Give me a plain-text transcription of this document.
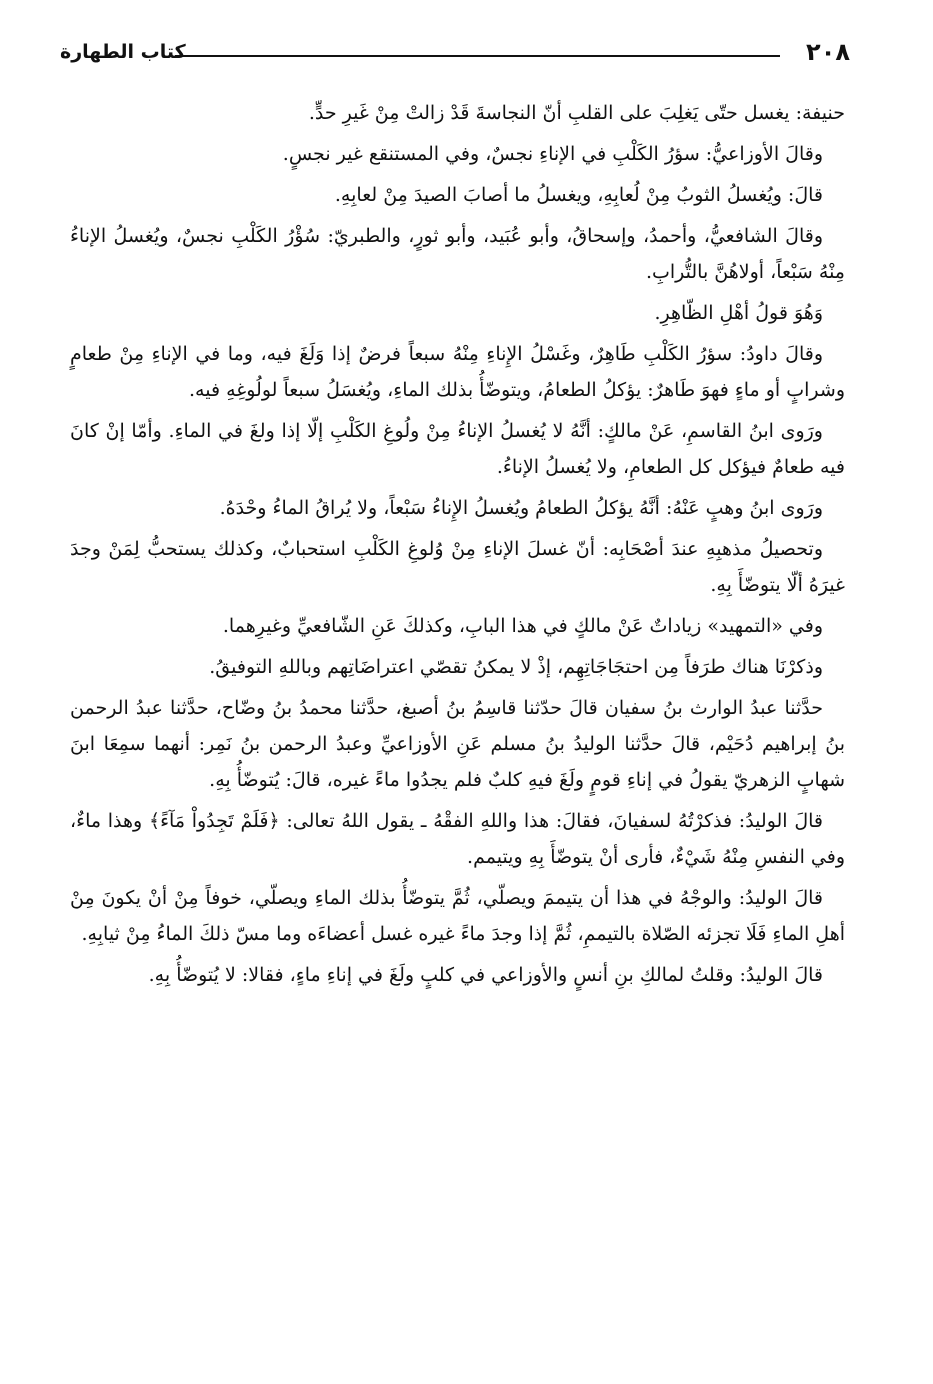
كتاب الطهارة	٢٠٨

حنيفة: يغسل حتّى يَغلِبَ على القلبِ أنّ النجاسةَ قَدْ زالتْ مِنْ غَيرِ حدٍّ.

وقالَ الأوزاعيُّ: سؤرُ الكَلْبِ في الإناءِ نجسٌ، وفي المستنقع غير نجسٍ.

قالَ: ويُغسلُ الثوبُ مِنْ لُعابِهِ، ويغسلُ ما أصابَ الصيدَ مِنْ لعابِهِ.

وقالَ الشافعيُّ، وأحمدُ، وإسحاقُ، وأبو عُبَيد، وأبو ثورٍ، والطبريّ: سُؤْرُ الكَلْبِ نجسٌ، ويُغسلُ الإناءُ مِنْهُ سَبْعاً، أولاهُنَّ بالتُّرابِ.

وَهُوَ قولُ أهْلِ الظّاهِرِ.

وقالَ داودُ: سؤرُ الكَلْبِ طَاهِرٌ، وغَسْلُ الإِناءِ مِنْهُ سبعاً فرضٌ إذا وَلَغَ فيه، وما في الإناءِ مِنْ طعامٍ وشرابٍ أو ماءٍ فهوَ طَاهرٌ: يؤكلُ الطعامُ، ويتوضّأُ بذلك الماءِ، ويُغسَلُ سبعاً لولُوغِهِ فيه.

ورَوى ابنُ القاسمِ، عَنْ مالكٍ: أنَّهُ لا يُغسلُ الإناءُ مِنْ ولُوغِ الكَلْبِ إلّا إذا ولغَ في الماءِ. وأمّا إنْ كانَ فيه طعامٌ فيؤكل كل الطعامِ، ولا يُغسلُ الإناءُ.

ورَوى ابنُ وهبٍ عَنْهُ: أنَّهُ يؤكلُ الطعامُ ويُغسلُ الإِناءُ سَبْعاً، ولا يُراقُ الماءُ وحْدَهُ.

وتحصيلُ مذهبِهِ عندَ أصْحَابِه: أنّ غسلَ الإناءِ مِنْ وُلوغِ الكَلْبِ استحبابٌ، وكذلك يستحبُّ لِمَنْ وجدَ غيرَهُ ألّا يتوضّأَ بِهِ.

وفي «التمهيد» زياداتٌ عَنْ مالكٍ في هذا البابِ، وكذلكَ عَنِ الشّافعيِّ وغيرِهما.

وذكرْنَا هناك طرَفاً مِن احتجَاجَاتِهِم، إذْ لا يمكنُ تقصّي اعتراضَاتِهم وباللهِ التوفيقُ.

حدَّثنا عبدُ الوارث بنُ سفيان قالَ حدّثنا قاسِمُ بنُ أصبغ، حدَّثنا محمدُ بنُ وضّاح، حدَّثنا عبدُ الرحمن بنُ إبراهيم دُحَيْم، قالَ حدَّثنا الوليدُ بنُ مسلم عَنِ الأوزاعيِّ وعبدُ الرحمن بنُ نَمِر: أنهما سمِعَا ابنَ شهابٍ الزهريّ يقولُ في إناءِ قومٍ ولَغَ فيهِ كلبٌ فلم يجدُوا ماءً غيره، قالَ: يُتوضّأُ بِهِ.

قالَ الوليدُ: فذكرْتُهُ لسفيانَ، فقالَ: هذا واللهِ الفقْهُ ـ يقول اللهُ تعالى: ﴿فَلَمْ تَجِدُواْ مَآءً﴾ وهذا ماءٌ، وفي النفسِ مِنْهُ شَيْءٌ، فأرى أنْ يتوضّأَ بِهِ ويتيمم.

قالَ الوليدُ: والوجْهُ في هذا أن يتيممَ ويصلّي، ثُمَّ يتوضّأُ بذلك الماءِ ويصلّي، خوفاً مِنْ أنْ يكونَ مِنْ أهلِ الماءِ فَلَا تجزئه الصّلاة بالتيممِ، ثُمَّ إذا وجدَ ماءً غيره غسل أعضاءَه وما مسّ ذلكَ الماءُ مِنْ ثيابِهِ.

قالَ الوليدُ: وقلتُ لمالكِ بنِ أنسٍ والأوزاعي في كلبٍ ولَغَ في إناءِ ماءٍ، فقالا: لا يُتوضّأُ بِهِ.
